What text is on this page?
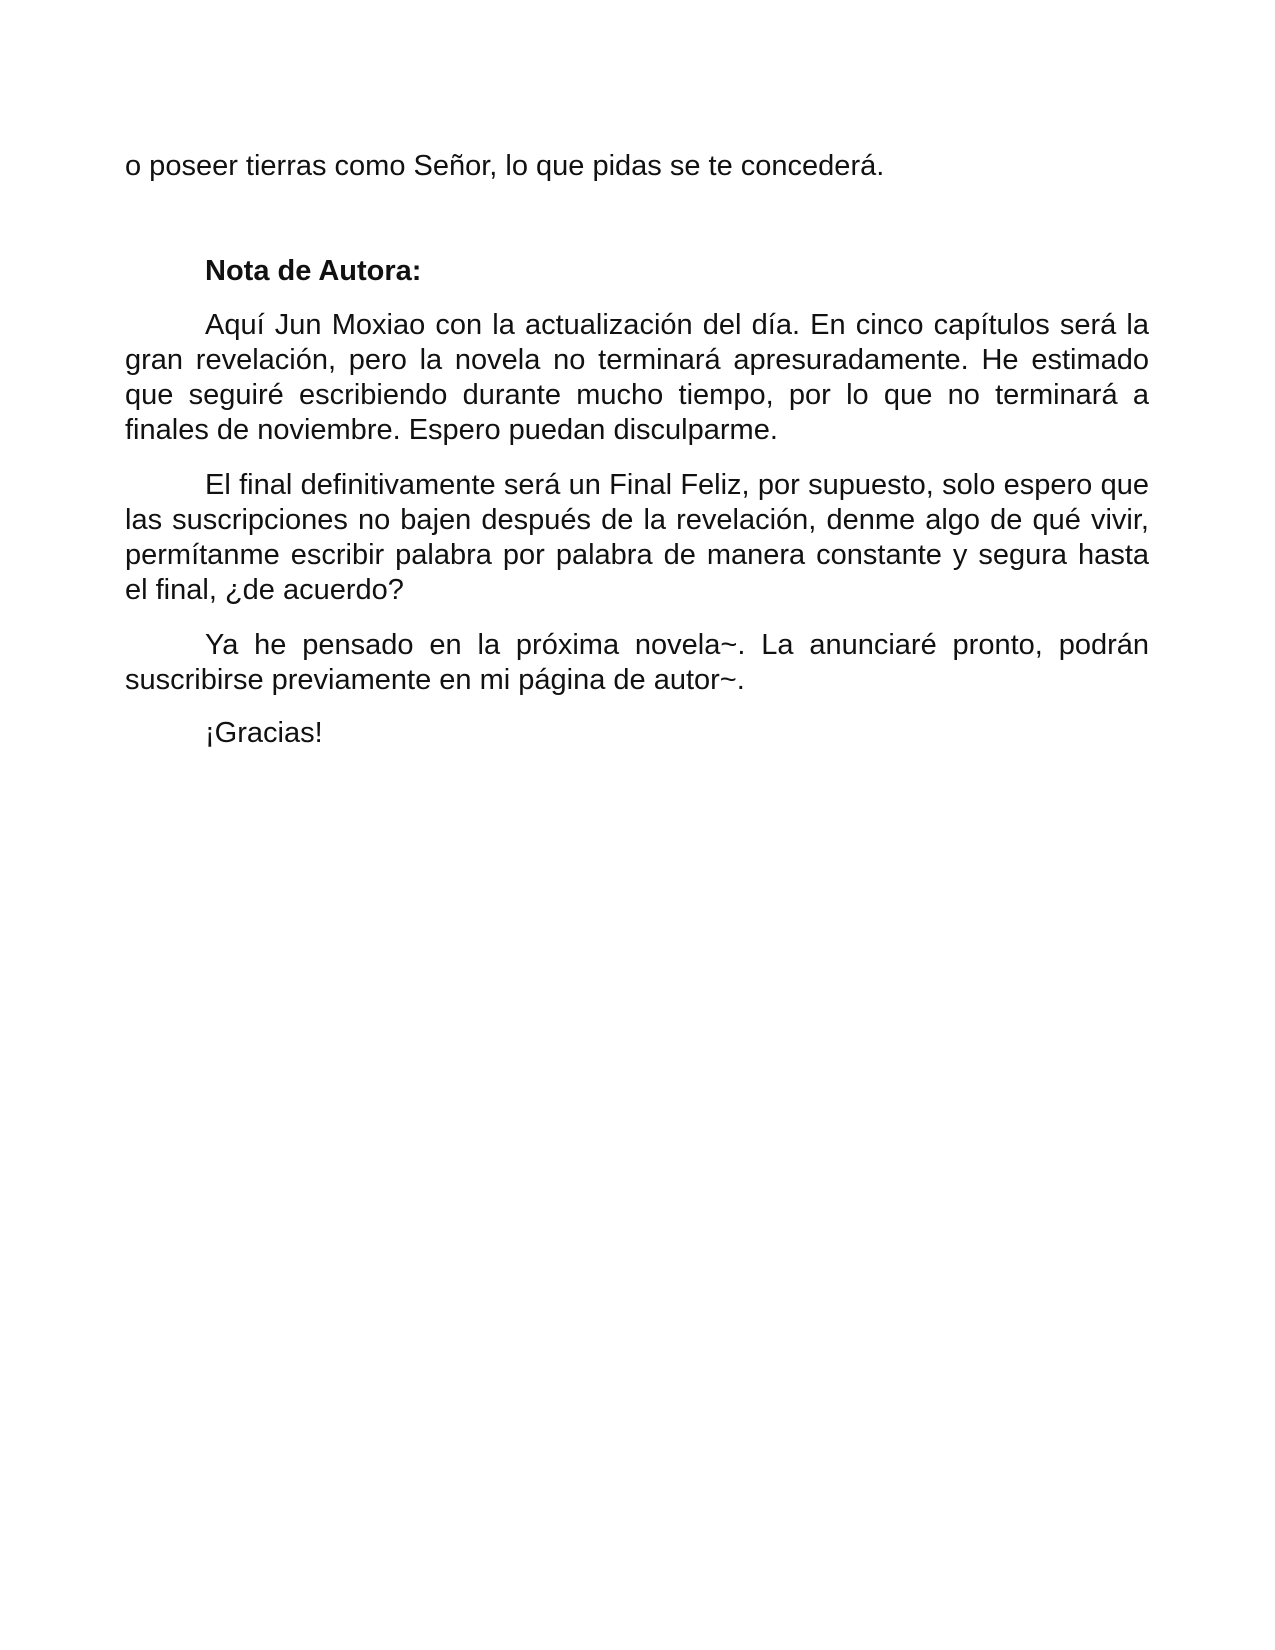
o poseer tierras como Señor, lo que pidas se te concederá.

Nota de Autora:

Aquí Jun Moxiao con la actualización del día. En cinco capítulos será la gran revelación, pero la novela no terminará apresuradamente. He estimado que seguiré escribiendo durante mucho tiempo, por lo que no terminará a finales de noviembre. Espero puedan disculparme.

El final definitivamente será un Final Feliz, por supuesto, solo espero que las suscripciones no bajen después de la revelación, denme algo de qué vivir, permítanme escribir palabra por palabra de manera constante y segura hasta el final, ¿de acuerdo?

Ya he pensado en la próxima novela~. La anunciaré pronto, podrán suscribirse previamente en mi página de autor~.

¡Gracias!
